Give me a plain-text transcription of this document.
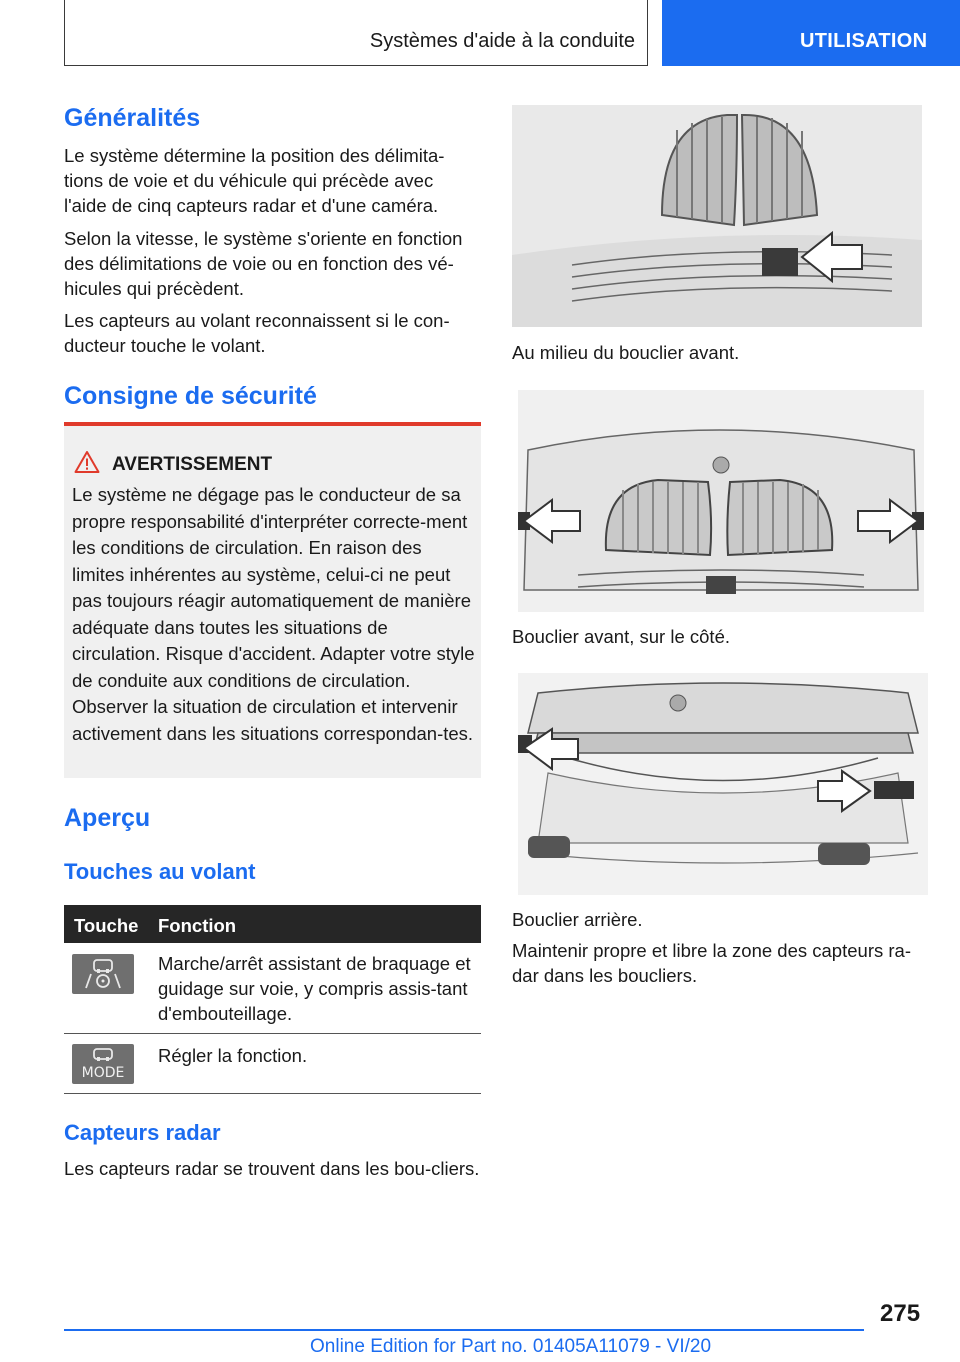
Systèmes d'aide à la conduite	UTILISATION
Généralités
Le système détermine la position des délimita-tions de voie et du véhicule qui précède avec l'aide de cinq capteurs radar et d'une caméra.
Selon la vitesse, le système s'oriente en fonction des délimitations de voie ou en fonction des vé-hicules qui précèdent.
Les capteurs au volant reconnaissent si le con-ducteur touche le volant.
Consigne de sécurité
AVERTISSEMENT
Le système ne dégage pas le conducteur de sa propre responsabilité d'interpréter correcte-ment les conditions de circulation. En raison des limites inhérentes au système, celui-ci ne peut pas toujours réagir automatiquement de manière adéquate dans toutes les situations de circulation. Risque d'accident. Adapter votre style de conduite aux conditions de circulation. Observer la situation de circulation et intervenir activement dans les situations correspondan-tes.
Aperçu
Touches au volant
Touche Fonction
Marche/arrêt assistant de braquage et guidage sur voie, y compris assis-tant d'embouteillage.
MODE
Régler la fonction.
Capteurs radar
Les capteurs radar se trouvent dans les bou-cliers.
Au milieu du bouclier avant.
Bouclier avant, sur le côté.
Bouclier arrière.
Maintenir propre et libre la zone des capteurs ra-dar dans les boucliers.
275
Online Edition for Part no. 01405A11079 - VI/20
